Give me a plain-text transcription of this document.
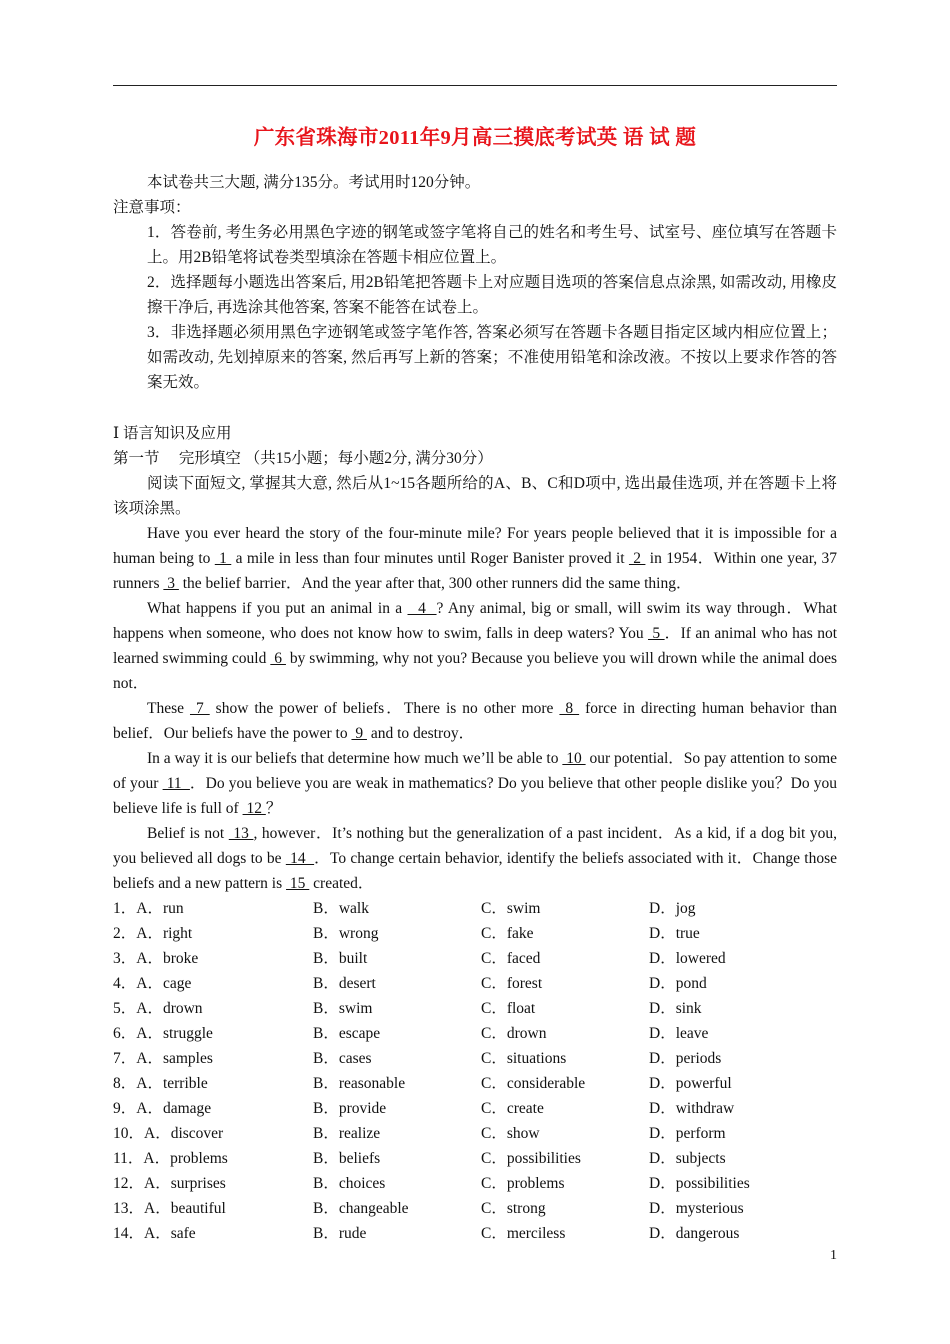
广东省珠海市2011年9月高三摸底考试英 语 试 题

本试卷共三大题, 满分135分。考试用时120分钟。

注意事项：

1．答卷前, 考生务必用黑色字迹的钢笔或签字笔将自己的姓名和考生号、试室号、座位填写在答题卡上。用2B铅笔将试卷类型填涂在答题卡相应位置上。

2．选择题每小题选出答案后, 用2B铅笔把答题卡上对应题目选项的答案信息点涂黑, 如需改动, 用橡皮擦干净后, 再选涂其他答案, 答案不能答在试卷上。

3．非选择题必须用黑色字迹钢笔或签字笔作答, 答案必须写在答题卡各题目指定区域内相应位置上；如需改动, 先划掉原来的答案, 然后再写上新的答案；不准使用铅笔和涂改液。不按以上要求作答的答案无效。

Ⅰ 语言知识及应用

第一节　 完形填空 （共15小题；每小题2分, 满分30分）

阅读下面短文, 掌握其大意, 然后从1~15各题所给的A、B、C和D项中, 选出最佳选项, 并在答题卡上将该项涂黑。

Have you ever heard the story of the four-minute mile? For years people believed that it is impossible for a human being to  1  a mile in less than four minutes until Roger Banister proved it  2  in 1954．Within one year, 37 runners  3  the belief barrier．And the year after that, 300 other runners did the same thing．

What happens if you put an animal in a   4  ? Any animal, big or small, will swim its way through．What happens when someone, who does not know how to swim, falls in deep waters? You  5 ．If an animal who has not learned swimming could  6  by swimming, why not you? Because you believe you will drown while the animal does not．

These  7  show the power of beliefs．There is no other more  8  force in directing human behavior than belief．Our beliefs have the power to  9  and to destroy．

In a way it is our beliefs that determine how much we’ll be able to  10  our potential．So pay attention to some of your  11  ．Do you believe you are weak in mathematics? Do you believe that other people dislike you？Do you believe life is full of  12 ？

Belief is not  13 , however．It’s nothing but the generalization of a past incident．As a kid, if a dog bit you, you believed all dogs to be  14  ．To change certain behavior, identify the beliefs associated with it．Change those beliefs and a new pattern is  15  created．

1．A．run	B．walk	C．swim	D．jog
2．A．right	B．wrong	C．fake	D．true
3．A．broke	B．built	C．faced	D．lowered
4．A．cage	B．desert	C．forest	D．pond
5．A．drown	B．swim	C．float	D．sink
6．A．struggle	B．escape	C．drown	D．leave
7．A．samples	B．cases	C．situations	D．periods
8．A．terrible	B．reasonable	C．considerable	D．powerful
9．A．damage	B．provide	C．create	D．withdraw
10．A．discover	B．realize	C．show	D．perform
11．A．problems	B．beliefs	C．possibilities	D．subjects
12．A．surprises	B．choices	C．problems	D．possibilities
13．A．beautiful	B．changeable	C．strong	D．mysterious
14．A．safe	B．rude	C．merciless	D．dangerous
1
